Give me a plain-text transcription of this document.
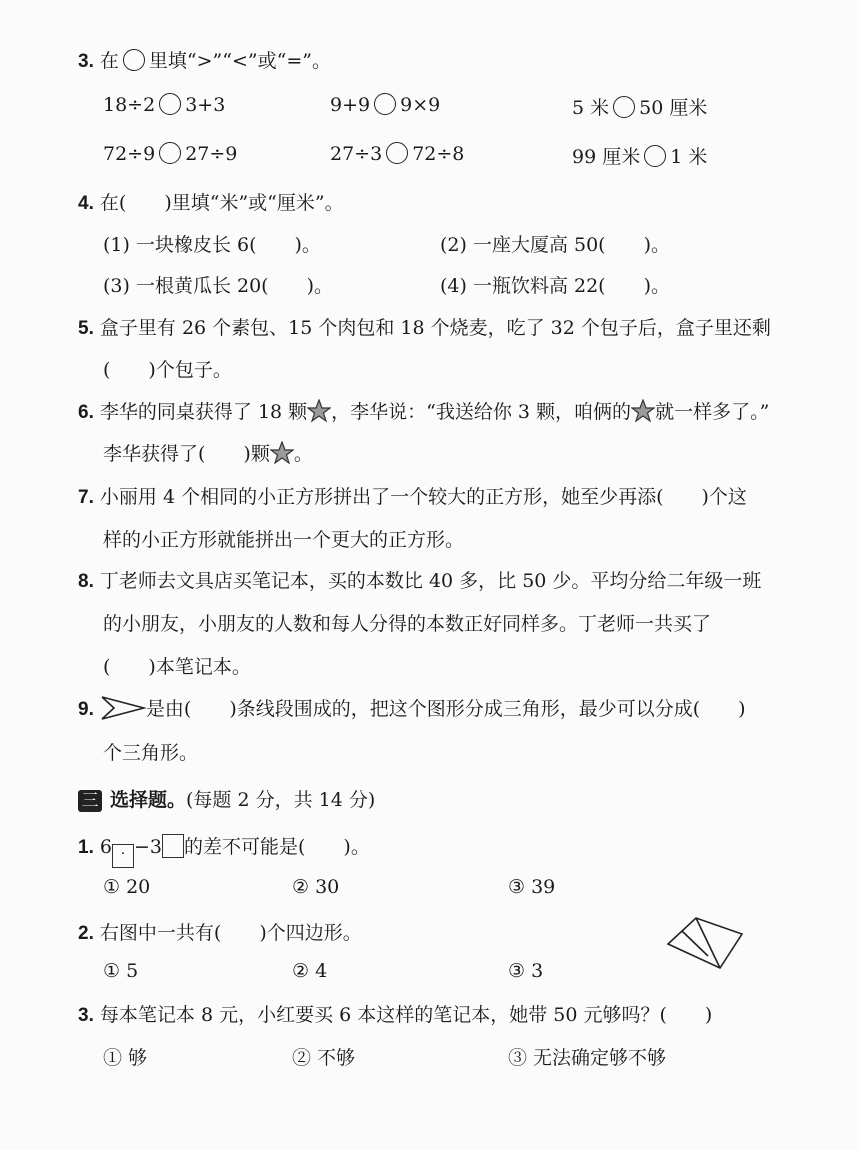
3. 在 里填“>”“<”或“=”。
18÷2 3+3	9+9 9×9	5 米 50 厘米
72÷9 27÷9	27÷3 72÷8	99 厘米 1 米
4. 在(　　)里填“米”或“厘米”。
(1) 一块橡皮长 6(　　)。	(2) 一座大厦高 50(　　)。
(3) 一根黄瓜长 20(　　)。	(4) 一瓶饮料高 22(　　)。
5. 盒子里有 26 个素包、15 个肉包和 18 个烧麦，吃了 32 个包子后，盒子里还剩
(　　)个包子。
6. 李华的同桌获得了 18 颗 ，李华说：“我送给你 3 颗，咱俩的 就一样多了。”
李华获得了(　　)颗 。
7. 小丽用 4 个相同的小正方形拼出了一个较大的正方形，她至少再添(　　)个这
样的小正方形就能拼出一个更大的正方形。
8. 丁老师去文具店买笔记本，买的本数比 40 多，比 50 少。平均分给二年级一班
的小朋友，小朋友的人数和每人分得的本数正好同样多。丁老师一共买了
(　　)本笔记本。
9.	是由(　　)条线段围成的，把这个图形分成三角形，最少可以分成(　　)
个三角形。
三 选择题。(每题 2 分，共 14 分)
1. 6 · −3 的差不可能是(　　)。
① 20	② 30	③ 39
2. 右图中一共有(　　)个四边形。
① 5	② 4	③ 3
3. 每本笔记本 8 元，小红要买 6 本这样的笔记本，她带 50 元够吗？(　　)
① 够	② 不够	③ 无法确定够不够
